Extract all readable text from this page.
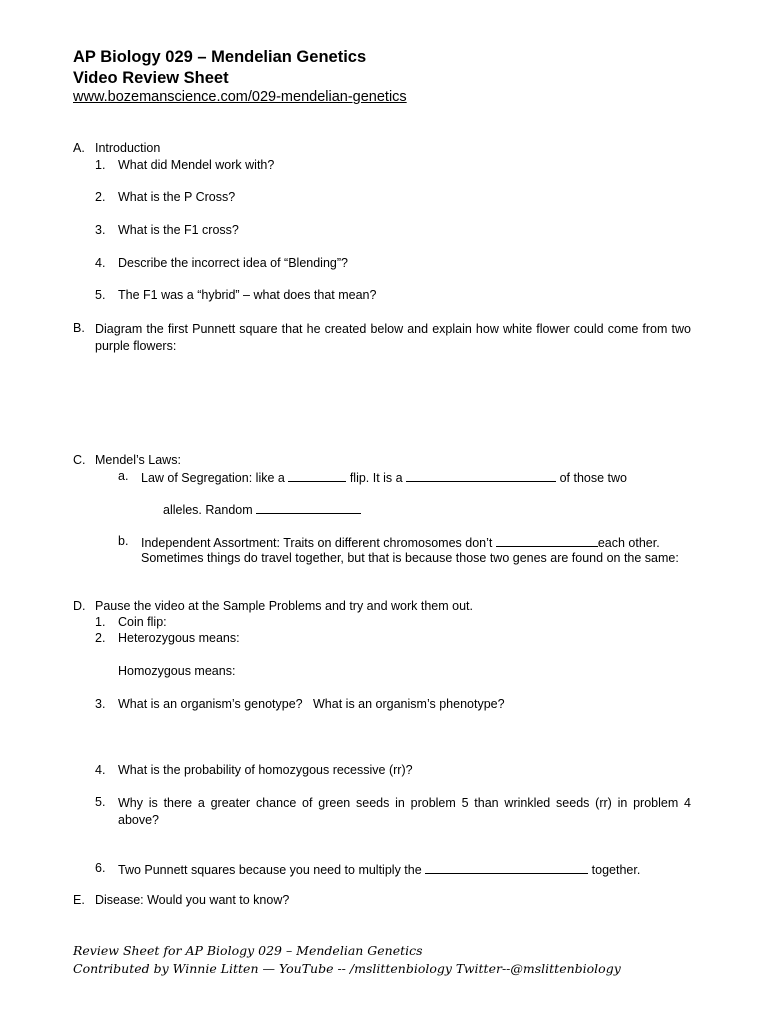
AP Biology 029 – Mendelian Genetics
Video Review Sheet
www.bozemanscience.com/029-mendelian-genetics
A. Introduction
1. What did Mendel work with?
2. What is the P Cross?
3. What is the F1 cross?
4. Describe the incorrect idea of “Blending”?
5. The F1 was a “hybrid” – what does that mean?
B. Diagram the first Punnett square that he created below and explain how white flower could come from two purple flowers:
C. Mendel’s Laws:
a. Law of Segregation: like a	flip. It is a	of those two
alleles. Random
b. Independent Assortment: Traits on different chromosomes don’t	each other.
Sometimes things do travel together, but that is because those two genes are found on the same:
D. Pause the video at the Sample Problems and try and work them out.
1. Coin flip:
2. Heterozygous means:
Homozygous means:
3. What is an organism’s genotype?   What is an organism’s phenotype?
4. What is the probability of homozygous recessive (rr)?
5. Why is there a greater chance of green seeds in problem 5 than wrinkled seeds (rr) in problem 4 above?
6. Two Punnett squares because you need to multiply the	together.
E. Disease: Would you want to know?
Review Sheet for AP Biology 029 – Mendelian Genetics
Contributed by Winnie Litten — YouTube -- /mslittenbiology Twitter--@mslittenbiology
